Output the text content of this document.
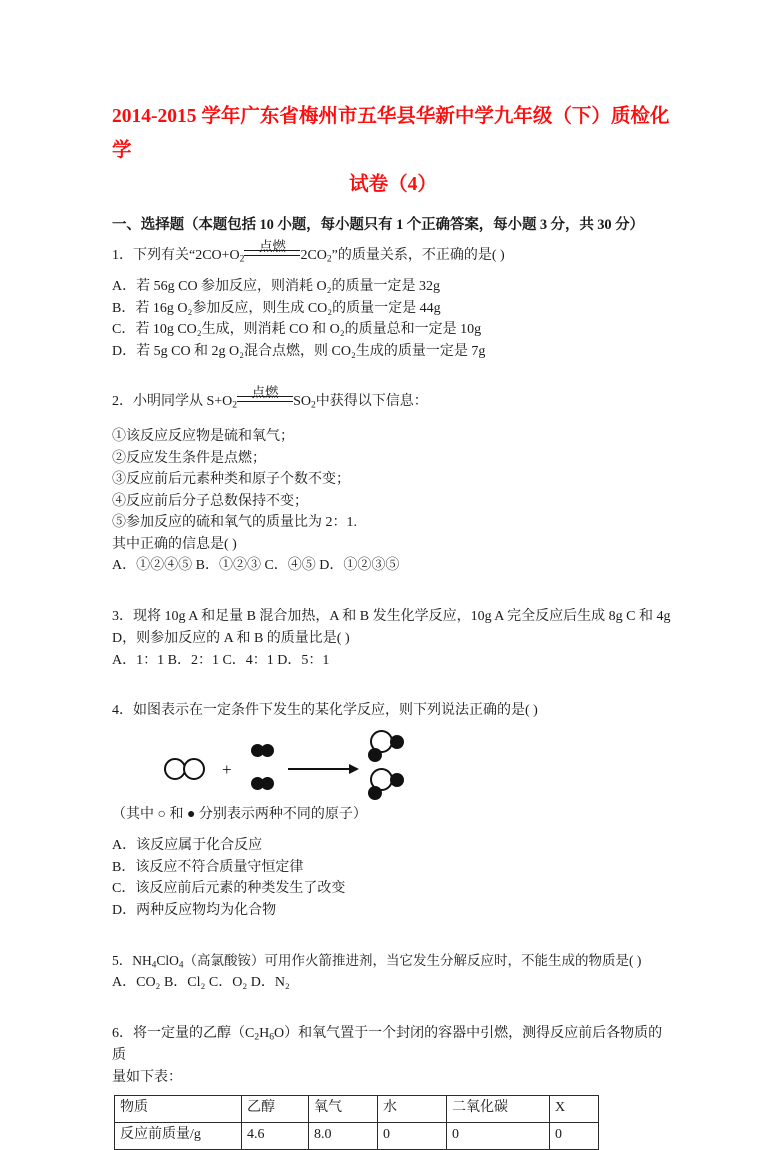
2014-2015 学年广东省梅州市五华县华新中学九年级（下）质检化学
试卷（4）
一、选择题（本题包括 10 小题，每小题只有 1 个正确答案，每小题 3 分，共 30 分）
1．下列有关“$2CO+O_2$
点燃
$2CO_2$”的质量关系，不正确的是( )
A．若 56g CO 参加反应，则消耗 O₂的质量一定是 32g
B．若 16g O₂参加反应，则生成 CO₂的质量一定是 44g
C．若 10g CO₂生成，则消耗 CO 和 O₂的质量总和一定是 10g
D．若 5g CO 和 2g O₂混合点燃，则 CO₂生成的质量一定是 7g
2．小明同学从 $S+O_2$
点燃
$SO_2$中获得以下信息：
①该反应反应物是硫和氧气；
②反应发生条件是点燃；
③反应前后元素种类和原子个数不变；
④反应前后分子总数保持不变；
⑤参加反应的硫和氧气的质量比为 2：1.
其中正确的信息是( )
A．①②④⑤ B．①②③ C．④⑤ D．①②③⑤
3．现将 10g A 和足量 B 混合加热，A 和 B 发生化学反应，10g A 完全反应后生成 8g C 和 4g
D，则参加反应的 A 和 B 的质量比是( )
A．1：1 B．2：1 C．4：1 D．5：1
4．如图表示在一定条件下发生的某化学反应，则下列说法正确的是( )
+
（其中 ○ 和 ● 分别表示两种不同的原子）
A．该反应属于化合反应
B．该反应不符合质量守恒定律
C．该反应前后元素的种类发生了改变
D．两种反应物均为化合物
5．$NH_4ClO_4$（高氯酸铵）可用作火箭推进剂，当它发生分解反应时，不能生成的物质是( )
A．CO₂ B．Cl₂ C．O₂ D．N₂
6．将一定量的乙醇$(C_2H_6O)$和氧气置于一个封闭的容器中引燃，测得反应前后各物质的质
量如下表：
物质	乙醇	氧气	水	二氧化碳	X
反应前质量/g	4.6	8.0	0	0	0
